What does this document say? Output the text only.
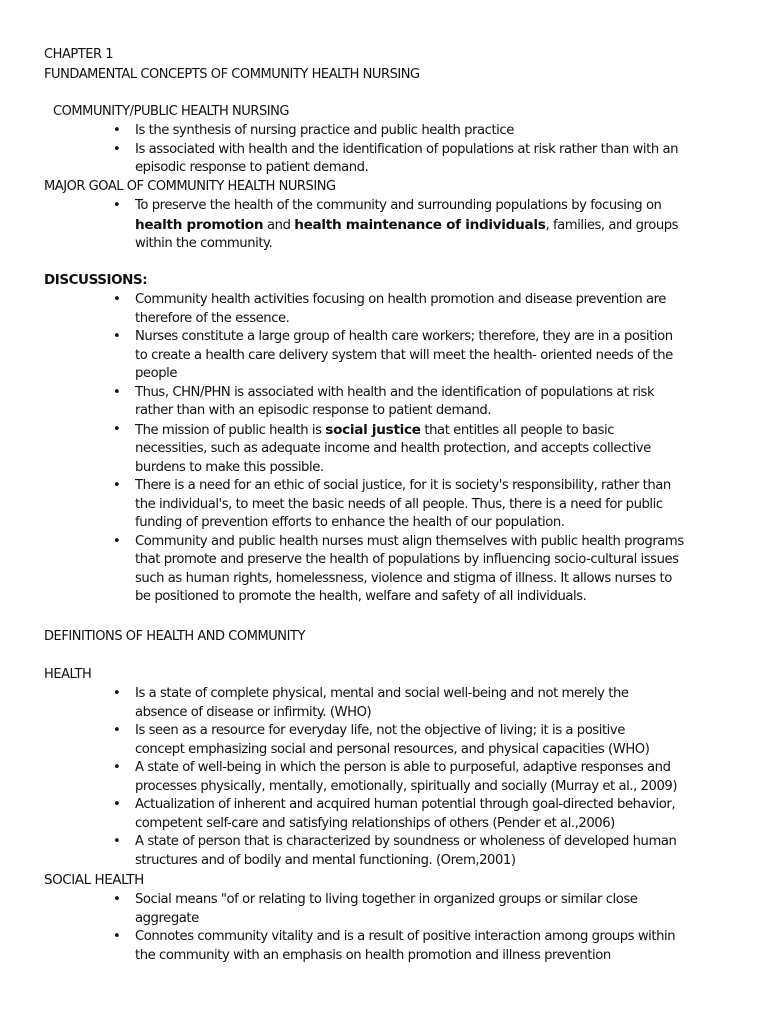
CHAPTER 1
FUNDAMENTAL CONCEPTS OF COMMUNITY HEALTH NURSING
COMMUNITY/PUBLIC HEALTH NURSING
• Is the synthesis of nursing practice and public health practice
• Is associated with health and the identification of populations at risk rather than with an
episodic response to patient demand.
MAJOR GOAL OF COMMUNITY HEALTH NURSING
• To preserve the health of the community and surrounding populations by focusing on
health promotion and health maintenance of individuals, families, and groups
within the community.
DISCUSSIONS:
• Community health activities focusing on health promotion and disease prevention are
therefore of the essence.
• Nurses constitute a large group of health care workers; therefore, they are in a position
to create a health care delivery system that will meet the health- oriented needs of the
people
• Thus, CHN/PHN is associated with health and the identification of populations at risk
rather than with an episodic response to patient demand.
• The mission of public health is social justice that entitles all people to basic
necessities, such as adequate income and health protection, and accepts collective
burdens to make this possible.
• There is a need for an ethic of social justice, for it is society's responsibility, rather than
the individual's, to meet the basic needs of all people. Thus, there is a need for public
funding of prevention efforts to enhance the health of our population.
• Community and public health nurses must align themselves with public health programs
that promote and preserve the health of populations by influencing socio-cultural issues
such as human rights, homelessness, violence and stigma of illness. It allows nurses to
be positioned to promote the health, welfare and safety of all individuals.
DEFINITIONS OF HEALTH AND COMMUNITY
HEALTH
• Is a state of complete physical, mental and social well-being and not merely the
absence of disease or infirmity. (WHO)
• Is seen as a resource for everyday life, not the objective of living; it is a positive
concept emphasizing social and personal resources, and physical capacities (WHO)
• A state of well-being in which the person is able to purposeful, adaptive responses and
processes physically, mentally, emotionally, spiritually and socially (Murray et al., 2009)
• Actualization of inherent and acquired human potential through goal-directed behavior,
competent self-care and satisfying relationships of others (Pender et al.,2006)
• A state of person that is characterized by soundness or wholeness of developed human
structures and of bodily and mental functioning. (Orem,2001)
SOCIAL HEALTH
• Social means "of or relating to living together in organized groups or similar close
aggregate
• Connotes community vitality and is a result of positive interaction among groups within
the community with an emphasis on health promotion and illness prevention
